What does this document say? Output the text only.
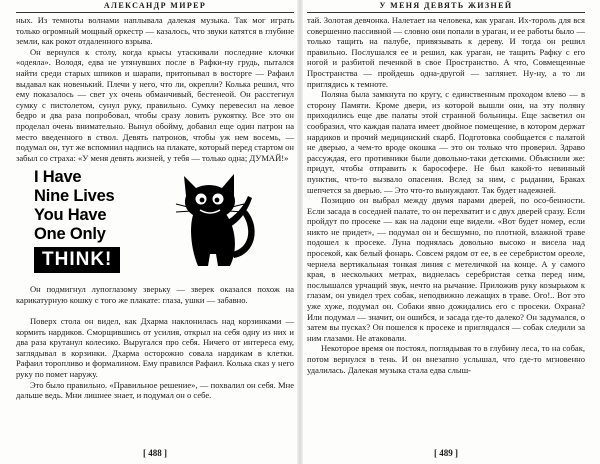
АЛЕКСАНДР МИРЕР

ных. Из темноты волнами наплывала далекая музыка. Так мог играть только огромный мощный оркестр — казалось, что звуки катятся в глубине земли, как рокот отдаленного взрыва.

Он вернулся к столу, когда крысы утаскивали последние клочки «одеяла». Володя, едва не утянувших после в Рафки-ну грудь, пытался найти среди старых шпиков и шарапи, притопывал в восторге — Рафаил выдавал как новенький. Плечи у него, что ли, окрепли? Колька решил, что ему показалось — свет ух очень обманчивый, бестенеой. Он расстегнул сумку с пистолетом, сунул руку, правильно. Сумку перевесил на левое бедро и два раза попробовал, чтобы сразу ловить рукоятку. Все это он проделал очень внимательно. Вынул обойму, добавил еще один патрон на место введенного в ствол. Девять патронов, чтобы уж нем восемь, — подумал он, тут же вспомнил надпись на плакате, который перед стартом он забыл со страха: «У меня девять жизней, у тебя — только одна; ДУМАЙ!»

I Have
Nine Lives
You Have
One Only
THINK!

Он подмигнул лупоглазому зверьку — зверек оказался похож на карикатурную кошку с того же плакате: глаза, ушки — забавно.

Поверх стола он видел, как Дхарма наклонилась над корзинками — кормить нардиков. Сморщившись от усилия, открыл на себя одну из них и два раза крутанул колесико. Выругался про себя. Ничего от интереса ему, заглядывал в корзинки. Дхарма осторожно совала нардикам в клетки. Рафаил торопливо и формалином. Ему правился Рафаил. Колька сказ у него руку по помет наружу.

Это было правильно. «Правильное решение», — похвалил он себя. Мне дальше ведь. Мни лишнее знает, и подумал он о себе.

[ 488 ]
У МЕНЯ ДЕВЯТЬ ЖИЗНЕЙ

тай. Золотая девчонка. Налетает на человека, как ураган. Их-тороль для вся совершенно пассивной — словно они попали в ураган, и ее работы было — только тащить на палубе, привязывать к дереву. И тогда он решил правильно. Послушался ее и решил, как ураган, не тащить Рафку с его ногой и разбитой печенкой в свое Пространство. А что, Совмещенные Пространства — пройдешь одна-другой — заглянет. Ну-ну, а то ли приглядись к темноте.

Поляна была замкнута по кругу, с единственным проходом влево — в сторону Памяти. Кроме двери, из которой вышли они, на эту поляну приходились еще две палаты этой странной больницы. Еще засветил он сообразил, что каждая палата имеет двойное помещение, в котором держат нардиков и прочий медицинский скарб. Подготовка сообщается с палатой не дверью, а чем-то вроде окошка — это он только что проверил. Здраво рассуждая, его противники были довольно-таки детскими. Объяснили же: придут, чтобы отправить к барософере. Не был какой-то невинный пунктик, что-то вызвало опасения. Вслед за ним, с рыдании, Браках шепчется за дверью. — Это что-то вынуждают. Так будет надежней.

Позицию он выбрал между двумя парами дверей, по осо-бенности. Если засада в соседней палате, то он перехватит и с двух дверей сразу. Если пройдут по просеке — как на ладони еще видели. «Вот будет номер, если никто не придет», — подумал он и бесшумно, по плотной, влажной траве подошел к просеке. Луна поднялась довольно высоко и висела над просекой, как белый фонарь. Совсем рядом от ее, в ее серебристом ореоле, чернела вертикальная тонкая линия с метеличкой на конце. А у самого края, в нескольких метрах, виднелась серебристая сетка перед ним, послышался урчащий звук, нечто на рычание. Приложив руку козырьком к глазам, он увидел трех собак, неподвижно лежащих в траве. Ого!.. Вот это уже хуже, подумал он. Собаки явно дожидались его с просеки. Охрана? Или подумал — значит, он ошибся, и засада где-то далеко? Он задумался, о затем вы пусках? Он пошелся к просеке и приглядался — собак следили за ним глазами. Не атаковали.

Некоторое время он постоял, поглядывая то в глубину леса, то на собак, потом вернулся в тень. И он внезапно услышал, что где-то мгновенно удалилась. Далекая музыка стала едва слыш-

[ 489 ]
